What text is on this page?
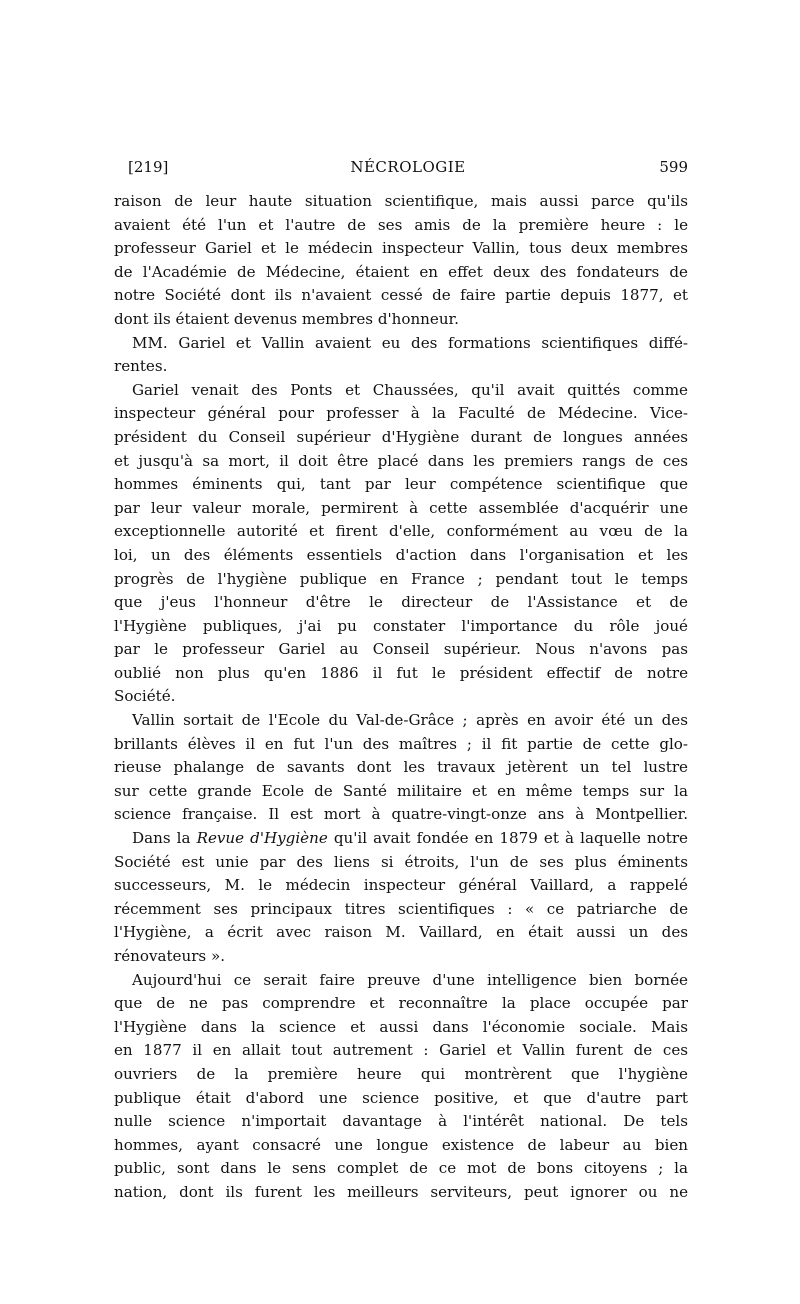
[219]	NÉCROLOGIE	599
raison de leur haute situation scientifique, mais aussi parce qu'ils
avaient été l'un et l'autre de ses amis de la première heure : le
professeur Gariel et le médecin inspecteur Vallin, tous deux membres
de l'Académie de Médecine, étaient en effet deux des fondateurs de
notre Société dont ils n'avaient cessé de faire partie depuis 1877, et
dont ils étaient devenus membres d'honneur.
MM. Gariel et Vallin avaient eu des formations scientifiques diffé-
rentes.
Gariel venait des Ponts et Chaussées, qu'il avait quittés comme
inspecteur général pour professer à la Faculté de Médecine. Vice-
président du Conseil supérieur d'Hygiène durant de longues années
et jusqu'à sa mort, il doit être placé dans les premiers rangs de ces
hommes éminents qui, tant par leur compétence scientifique que
par leur valeur morale, permirent à cette assemblée d'acquérir une
exceptionnelle autorité et firent d'elle, conformément au vœu de la
loi, un des éléments essentiels d'action dans l'organisation et les
progrès de l'hygiène publique en France ; pendant tout le temps
que j'eus l'honneur d'être le directeur de l'Assistance et de
l'Hygiène publiques, j'ai pu constater l'importance du rôle joué
par le professeur Gariel au Conseil supérieur. Nous n'avons pas
oublié non plus qu'en 1886 il fut le président effectif de notre
Société.
Vallin sortait de l'Ecole du Val-de-Grâce ; après en avoir été un des
brillants élèves il en fut l'un des maîtres ; il fit partie de cette glo-
rieuse phalange de savants dont les travaux jetèrent un tel lustre
sur cette grande Ecole de Santé militaire et en même temps sur la
science française. Il est mort à quatre-vingt-onze ans à Montpellier.
Dans la Revue d'Hygiène qu'il avait fondée en 1879 et à laquelle notre
Société est unie par des liens si étroits, l'un de ses plus éminents
successeurs, M. le médecin inspecteur général Vaillard, a rappelé
récemment ses principaux titres scientifiques : « ce patriarche de
l'Hygiène, a écrit avec raison M. Vaillard, en était aussi un des
rénovateurs ».
Aujourd'hui ce serait faire preuve d'une intelligence bien bornée
que de ne pas comprendre et reconnaître la place occupée par
l'Hygiène dans la science et aussi dans l'économie sociale. Mais
en 1877 il en allait tout autrement : Gariel et Vallin furent de ces
ouvriers de la première heure qui montrèrent que l'hygiène
publique était d'abord une science positive, et que d'autre part
nulle science n'importait davantage à l'intérêt national. De tels
hommes, ayant consacré une longue existence de labeur au bien
public, sont dans le sens complet de ce mot de bons citoyens ; la
nation, dont ils furent les meilleurs serviteurs, peut ignorer ou ne
